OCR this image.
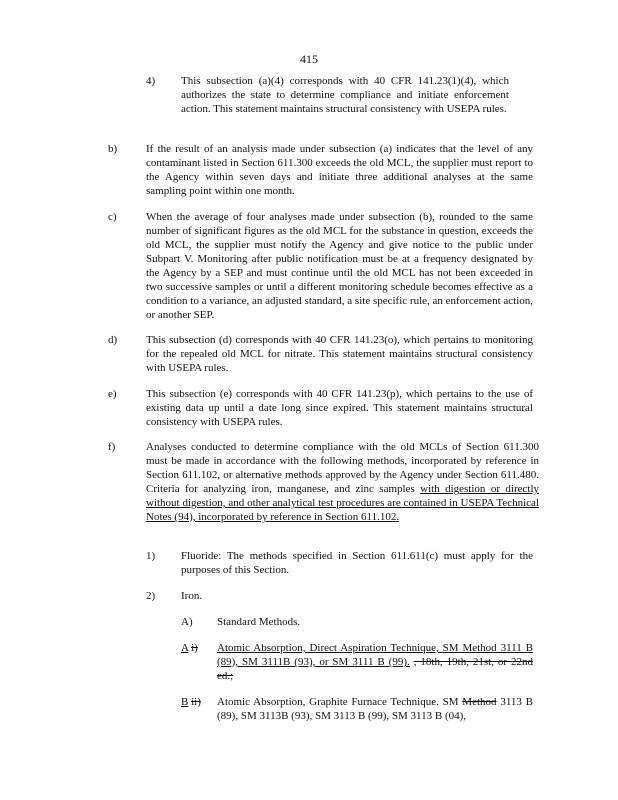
415
4) This subsection (a)(4) corresponds with 40 CFR 141.23(1)(4), which authorizes the state to determine compliance and initiate enforcement action. This statement maintains structural consistency with USEPA rules.
b)	If the result of an analysis made under subsection (a) indicates that the level of any contaminant listed in Section 611.300 exceeds the old MCL, the supplier must report to the Agency within seven days and initiate three additional analyses at the same sampling point within one month.
c)	When the average of four analyses made under subsection (b), rounded to the same number of significant figures as the old MCL for the substance in question, exceeds the old MCL, the supplier must notify the Agency and give notice to the public under Subpart V. Monitoring after public notification must be at a frequency designated by the Agency by a SEP and must continue until the old MCL has not been exceeded in two successive samples or until a different monitoring schedule becomes effective as a condition to a variance, an adjusted standard, a site specific rule, an enforcement action, or another SEP.
d)	This subsection (d) corresponds with 40 CFR 141.23(o), which pertains to monitoring for the repealed old MCL for nitrate. This statement maintains structural consistency with USEPA rules.
e)	This subsection (e) corresponds with 40 CFR 141.23(p), which pertains to the use of existing data up until a date long since expired. This statement maintains structural consistency with USEPA rules.
f)	Analyses conducted to determine compliance with the old MCLs of Section 611.300 must be made in accordance with the following methods, incorporated by reference in Section 611.102, or alternative methods approved by the Agency under Section 611.480. Criteria for analyzing iron, manganese, and zinc samples with digestion or directly without digestion, and other analytical test procedures are contained in USEPA Technical Notes (94), incorporated by reference in Section 611.102.
1) Fluoride: The methods specified in Section 611.611(c) must apply for the purposes of this Section.
2) Iron.
A) Standard Methods.
A i) Atomic Absorption, Direct Aspiration Technique, SM Method 3111 B (89), SM 3111B (93), or SM 3111 B (99). , 18th, 19th, 21st, or 22nd ed.;
B ii) Atomic Absorption, Graphite Furnace Technique. SM Method 3113 B (89), SM 3113B (93), SM 3113 B (99), SM 3113 B (04),
